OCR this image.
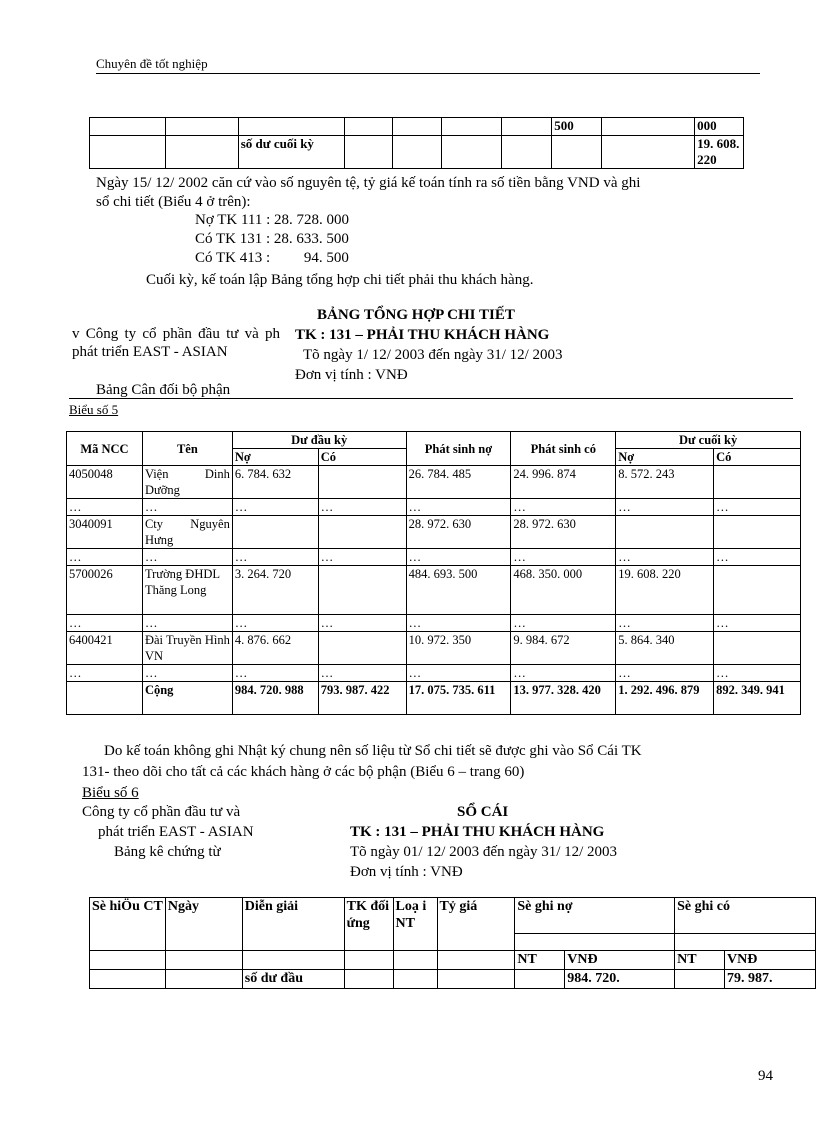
Chuyên đề tốt nghiệp
							500		000
		số dư cuối kỳ							19. 608. 220
Ngày 15/ 12/ 2002 căn cứ vào số nguyên tệ, tỷ giá kế toán tính ra số tiền bằng VND và ghi
sổ chi tiết (Biểu 4 ở trên):
Nợ TK 111 : 28. 728. 000
Có TK 131 : 28. 633. 500
Có TK 413 :         94. 500
Cuối kỳ, kế toán lập Bảng tổng hợp chi tiết phải thu khách hàng.
v Công ty cổ phần đầu tư và ph phát triển EAST - ASIAN
Bảng Cân đối bộ phận
BẢNG TỔNG HỢP CHI TIẾT
TK : 131 – PHẢI THU KHÁCH HÀNG
Tõ ngày 1/ 12/ 2003 đến ngày 31/ 12/ 2003
Đơn vị tính : VNĐ
Biểu số 5
Mã NCC	Tên	Dư đầu kỳ		Phát sinh nợ	Phát sinh có	Dư cuối kỳ	
		Nợ	Có			Nợ	Có
4050048	Viện Dinh Dưỡng	6. 784. 632		26. 784. 485	24. 996. 874	8. 572. 243	
…	…	…	…	…	…	…	…
3040091	Cty Nguyên Hưng			28. 972. 630	28. 972. 630		
…	…	…	…	…	…	…	…
5700026	Trường ĐHDL Thăng Long	3. 264. 720		484. 693. 500	468. 350. 000	19. 608. 220	
…	…	…	…	…	…	…	…
6400421	Đài Truyền Hình VN	4. 876. 662		10. 972. 350	9. 984. 672	5. 864. 340	
…	…	…	…	…	…	…	…
	Cộng	984. 720. 988	793. 987. 422	17. 075. 735. 611	13. 977. 328. 420	1. 292. 496. 879	892. 349. 941
Do kế toán không ghi Nhật ký chung nên số liệu từ Sổ chi tiết sẽ được ghi vào Sổ Cái TK
131- theo dõi cho tất cả các khách hàng ở các bộ phận (Biểu 6 – trang 60)
Biểu số 6
Công ty cổ phần đầu tư và
phát triển EAST - ASIAN
Bảng kê chứng từ
SỔ CÁI
TK : 131 – PHẢI THU KHÁCH HÀNG
Tõ ngày 01/ 12/ 2003 đến ngày 31/ 12/ 2003
Đơn vị tính : VNĐ
Sè hiÖu CT	Ngày	Diễn giải	TK đối ứng	Loạ i NT	Tỷ giá	Sè ghi nợ		Sè ghi có	

						NT	VNĐ	NT	VNĐ
		số dư đầu					984. 720.		79. 987.
94
